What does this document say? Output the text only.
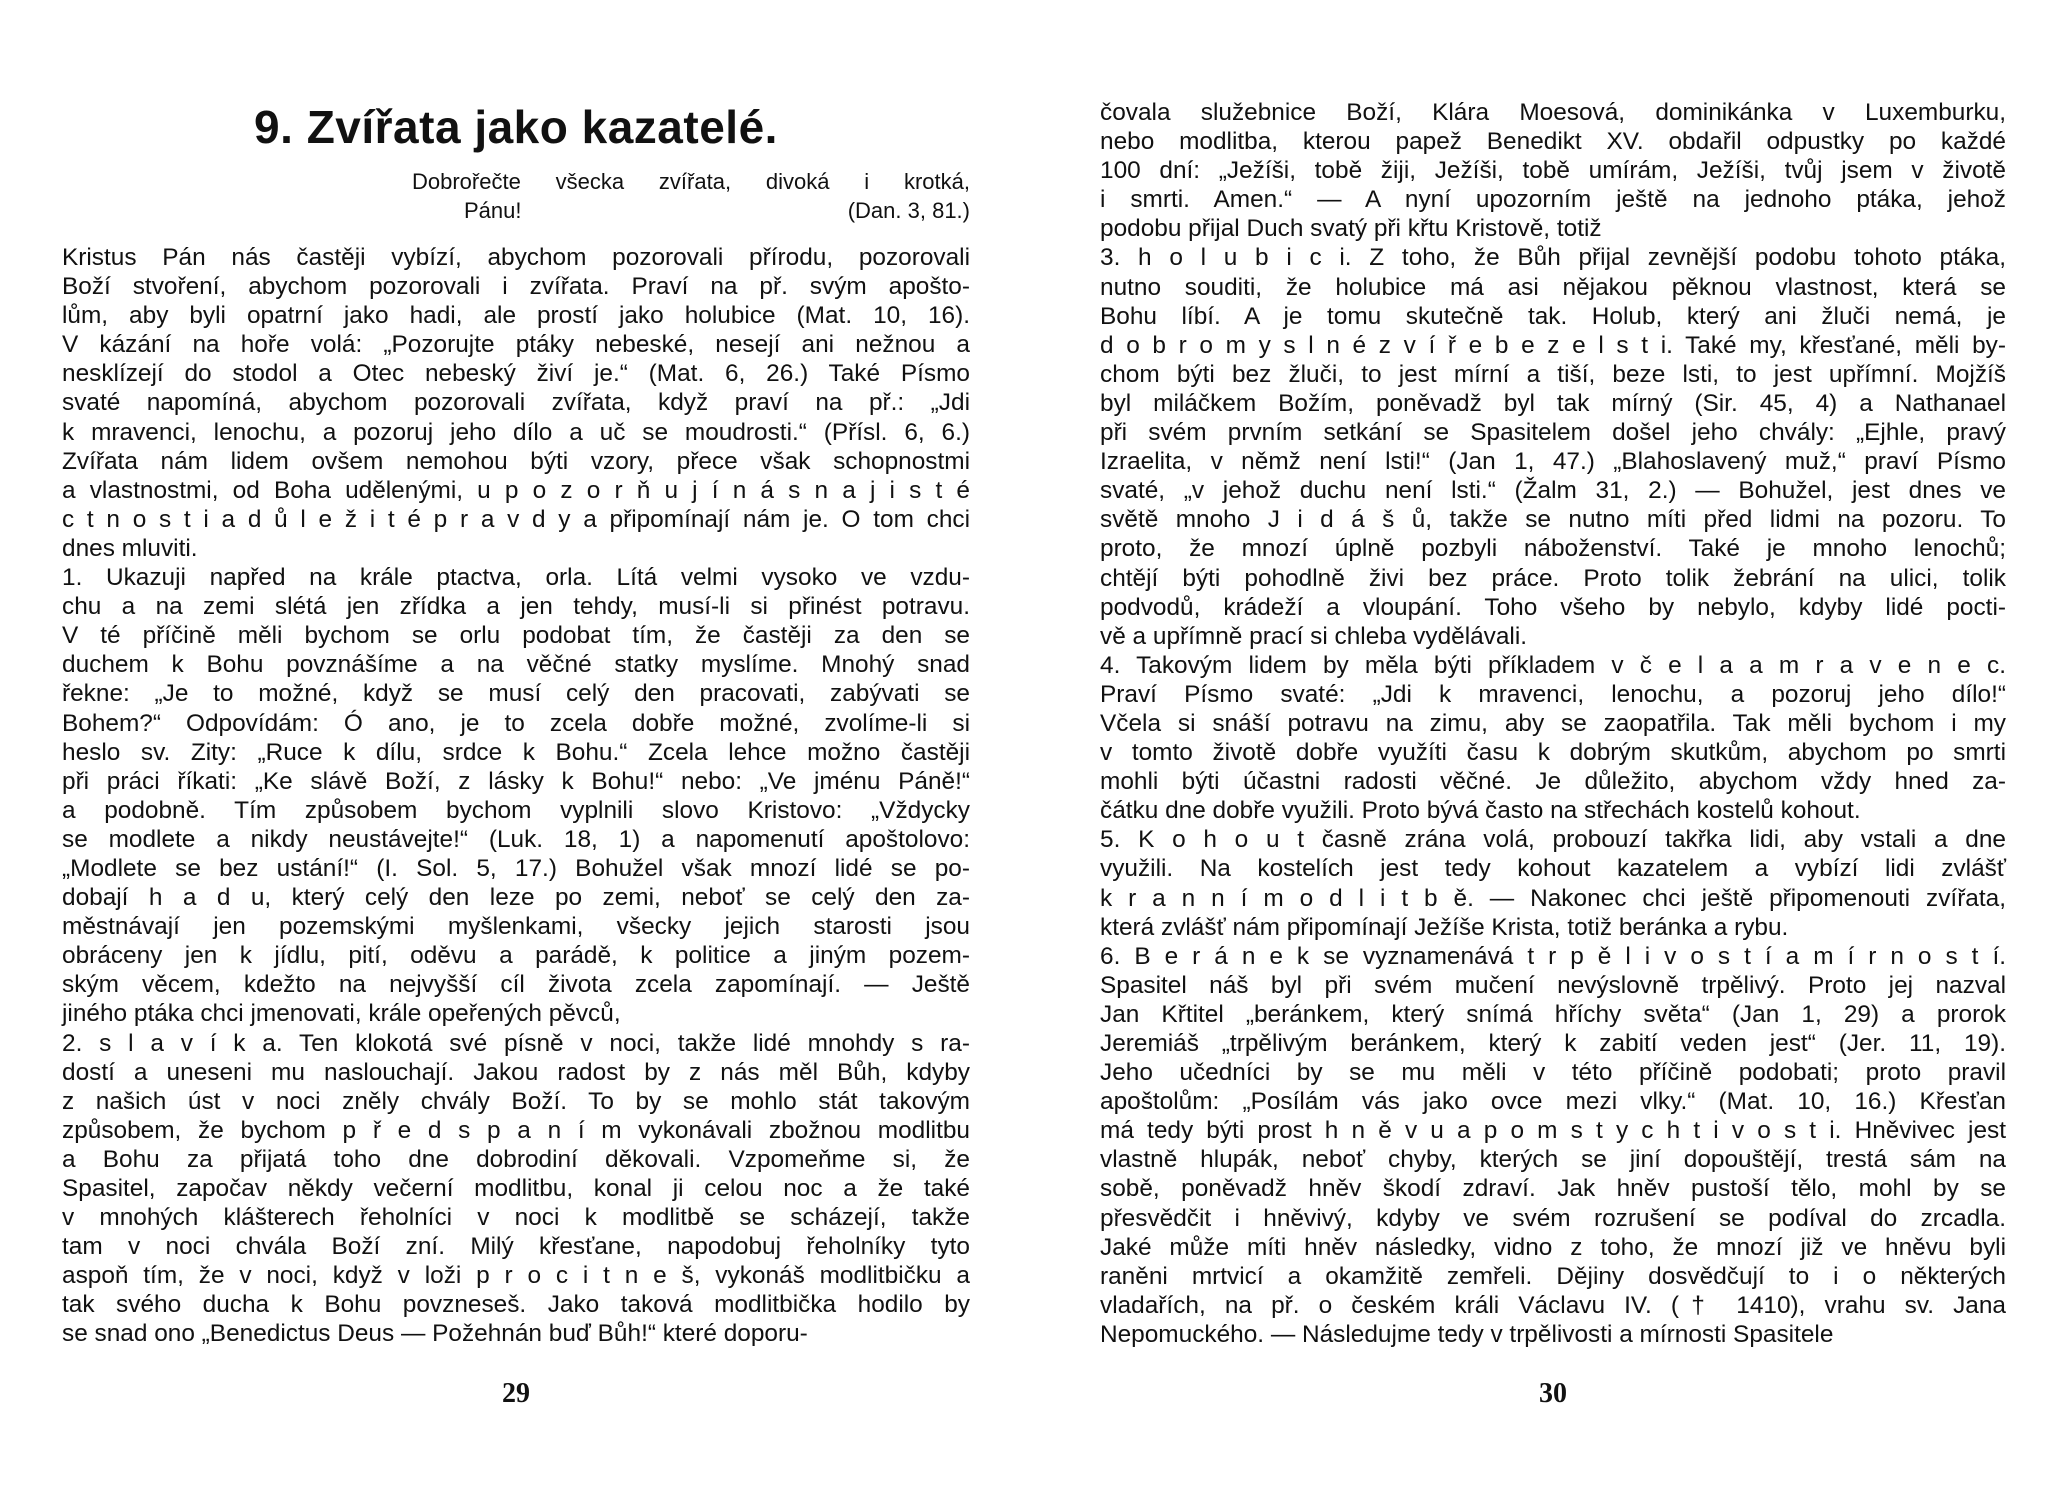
9. Zvířata jako kazatelé.
Dobrořečte všecka zvířata, divoká i krotká,
Pánu!	(Dan. 3, 81.)
Kristus Pán nás častěji vybízí, abychom pozorovali přírodu, pozorovali
Boží stvoření, abychom pozorovali i zvířata. Praví na př. svým apošto-
lům, aby byli opatrní jako hadi, ale prostí jako holubice (Mat. 10, 16).
V kázání na hoře volá: „Pozorujte ptáky nebeské, nesejí ani nežnou a
nesklízejí do stodol a Otec nebeský živí je.“ (Mat. 6, 26.) Také Písmo
svaté napomíná, abychom pozorovali zvířata, když praví na př.: „Jdi
k mravenci, lenochu, a pozoruj jeho dílo a uč se moudrosti.“ (Přísl. 6, 6.)
Zvířata nám lidem ovšem nemohou býti vzory, přece však schopnostmi
a vlastnostmi, od Boha udělenými, u p o z o r ň u j í n á s n a j i s t é
c t n o s t i a d ů l e ž i t é p r a v d y a připomínají nám je. O tom chci
dnes mluviti.
1. Ukazuji napřed na krále ptactva, orla. Lítá velmi vysoko ve vzdu-
chu a na zemi slétá jen zřídka a jen tehdy, musí-li si přinést potravu.
V té příčině měli bychom se orlu podobat tím, že častěji za den se
duchem k Bohu povznášíme a na věčné statky myslíme. Mnohý snad
řekne: „Je to možné, když se musí celý den pracovati, zabývati se
Bohem?“ Odpovídám: Ó ano, je to zcela dobře možné, zvolíme-li si
heslo sv. Zity: „Ruce k dílu, srdce k Bohu.“ Zcela lehce možno častěji
při práci říkati: „Ke slávě Boží, z lásky k Bohu!“ nebo: „Ve jménu Páně!“
a podobně. Tím způsobem bychom vyplnili slovo Kristovo: „Vždycky
se modlete a nikdy neustávejte!“ (Luk. 18, 1) a napomenutí apoštolovo:
„Modlete se bez ustání!“ (I. Sol. 5, 17.) Bohužel však mnozí lidé se po-
dobají h a d u, který celý den leze po zemi, neboť se celý den za-
městnávají jen pozemskými myšlenkami, všecky jejich starosti jsou
obráceny jen k jídlu, pití, oděvu a parádě, k politice a jiným pozem-
ským věcem, kdežto na nejvyšší cíl života zcela zapomínají. — Ještě
jiného ptáka chci jmenovati, krále opeřených pěvců,
2. s l a v í k a. Ten klokotá své písně v noci, takže lidé mnohdy s ra-
dostí a uneseni mu naslouchají. Jakou radost by z nás měl Bůh, kdyby
z našich úst v noci zněly chvály Boží. To by se mohlo stát takovým
způsobem, že bychom p ř e d s p a n í m vykonávali zbožnou modlitbu
a Bohu za přijatá toho dne dobrodiní děkovali. Vzpomeňme si, že
Spasitel, započav někdy večerní modlitbu, konal ji celou noc a že také
v mnohých klášterech řeholníci v noci k modlitbě se scházejí, takže
tam v noci chvála Boží zní. Milý křesťane, napodobuj řeholníky tyto
aspoň tím, že v noci, když v loži p r o c i t n e š, vykonáš modlitbičku a
tak svého ducha k Bohu povzneseš. Jako taková modlitbička hodilo by
se snad ono „Benedictus Deus — Požehnán buď Bůh!“ které doporu-
29
čovala služebnice Boží, Klára Moesová, dominikánka v Luxemburku,
nebo modlitba, kterou papež Benedikt XV. obdařil odpustky po každé
100 dní: „Ježíši, tobě žiji, Ježíši, tobě umírám, Ježíši, tvůj jsem v životě
i smrti. Amen.“ — A nyní upozorním ještě na jednoho ptáka, jehož
podobu přijal Duch svatý při křtu Kristově, totiž
3. h o l u b i c i. Z toho, že Bůh přijal zevnější podobu tohoto ptáka,
nutno souditi, že holubice má asi nějakou pěknou vlastnost, která se
Bohu líbí. A je tomu skutečně tak. Holub, který ani žluči nemá, je
d o b r o m y s l n é z v í ř e b e z e l s t i. Také my, křesťané, měli by-
chom býti bez žluči, to jest mírní a tiší, beze lsti, to jest upřímní. Mojžíš
byl miláčkem Božím, poněvadž byl tak mírný (Sir. 45, 4) a Nathanael
při svém prvním setkání se Spasitelem došel jeho chvály: „Ejhle, pravý
Izraelita, v němž není lsti!“ (Jan 1, 47.) „Blahoslavený muž,“ praví Písmo
svaté, „v jehož duchu není lsti.“ (Žalm 31, 2.) — Bohužel, jest dnes ve
světě mnoho J i d á š ů, takže se nutno míti před lidmi na pozoru. To
proto, že mnozí úplně pozbyli náboženství. Také je mnoho lenochů;
chtějí býti pohodlně živi bez práce. Proto tolik žebrání na ulici, tolik
podvodů, krádeží a vloupání. Toho všeho by nebylo, kdyby lidé pocti-
vě a upřímně prací si chleba vydělávali.
4. Takovým lidem by měla býti příkladem v č e l a a m r a v e n e c.
Praví Písmo svaté: „Jdi k mravenci, lenochu, a pozoruj jeho dílo!“
Včela si snáší potravu na zimu, aby se zaopatřila. Tak měli bychom i my
v tomto životě dobře využíti času k dobrým skutkům, abychom po smrti
mohli býti účastni radosti věčné. Je důležito, abychom vždy hned za-
čátku dne dobře využili. Proto bývá často na střechách kostelů kohout.
5. K o h o u t časně zrána volá, probouzí takřka lidi, aby vstali a dne
využili. Na kostelích jest tedy kohout kazatelem a vybízí lidi zvlášť
k r a n n í m o d l i t b ě. — Nakonec chci ještě připomenouti zvířata,
která zvlášť nám připomínají Ježíše Krista, totiž beránka a rybu.
6. B e r á n e k se vyznamenává t r p ě l i v o s t í a m í r n o s t í.
Spasitel náš byl při svém mučení nevýslovně trpělivý. Proto jej nazval
Jan Křtitel „beránkem, který snímá hříchy světa“ (Jan 1, 29) a prorok
Jeremiáš „trpělivým beránkem, který k zabití veden jest“ (Jer. 11, 19).
Jeho učedníci by se mu měli v této příčině podobati; proto pravil
apoštolům: „Posílám vás jako ovce mezi vlky.“ (Mat. 10, 16.) Křesťan
má tedy býti prost h n ě v u a p o m s t y c h t i v o s t i. Hněvivec jest
vlastně hlupák, neboť chyby, kterých se jiní dopouštějí, trestá sám na
sobě, poněvadž hněv škodí zdraví. Jak hněv pustoší tělo, mohl by se
přesvědčit i hněvivý, kdyby ve svém rozrušení se podíval do zrcadla.
Jaké může míti hněv následky, vidno z toho, že mnozí již ve hněvu byli
raněni mrtvicí a okamžitě zemřeli. Dějiny dosvědčují to i o některých
vladařích, na př. o českém králi Václavu IV. († 1410), vrahu sv. Jana
Nepomuckého. — Následujme tedy v trpělivosti a mírnosti Spasitele
30
